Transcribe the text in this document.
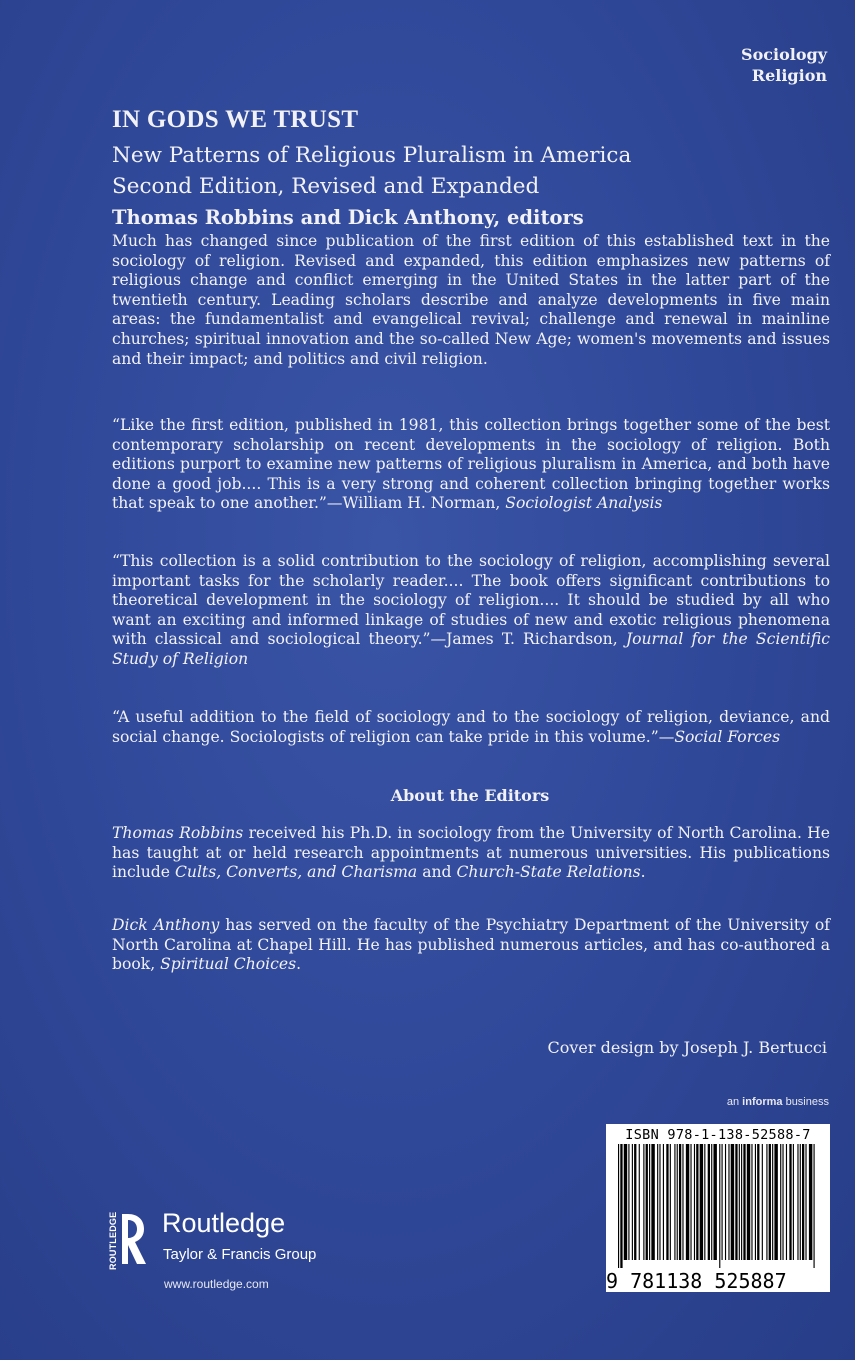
Sociology
Religion
IN GODS WE TRUST
New Patterns of Religious Pluralism in America
Second Edition, Revised and Expanded
Thomas Robbins and Dick Anthony, editors

Much has changed since publication of the first edition of this established text in the sociology of religion. Revised and expanded, this edition emphasizes new patterns of religious change and conflict emerging in the United States in the latter part of the twentieth century. Leading scholars describe and analyze developments in five main areas: the fundamentalist and evangelical revival; challenge and renewal in mainline churches; spiritual innovation and the so-called New Age; women's movements and issues and their impact; and politics and civil religion.

“Like the first edition, published in 1981, this collection brings together some of the best contemporary scholarship on recent developments in the sociology of religion. Both editions purport to examine new patterns of religious pluralism in America, and both have done a good job.... This is a very strong and coherent collection bringing together works that speak to one another.”—William H. Norman, Sociologist Analysis

“This collection is a solid contribution to the sociology of religion, accomplishing several important tasks for the scholarly reader.... The book offers significant contributions to theoretical development in the sociology of religion.... It should be studied by all who want an exciting and informed linkage of studies of new and exotic religious phenomena with classical and sociological theory.”—James T. Richardson, Journal for the Scientific Study of Religion

“A useful addition to the field of sociology and to the sociology of religion, deviance, and social change. Sociologists of religion can take pride in this volume.”—Social Forces

About the Editors

Thomas Robbins received his Ph.D. in sociology from the University of North Carolina. He has taught at or held research appointments at numerous universities. His publications include Cults, Converts, and Charisma and Church-State Relations.

Dick Anthony has served on the faculty of the Psychiatry Department of the University of North Carolina at Chapel Hill. He has published numerous articles, and has co-authored a book, Spiritual Choices.

Cover design by Joseph J. Bertucci
an informa business
ISBN 978-1-138-52588-7
9 781138 525887
ROUTLEDGE Routledge
Taylor & Francis Group
www.routledge.com
